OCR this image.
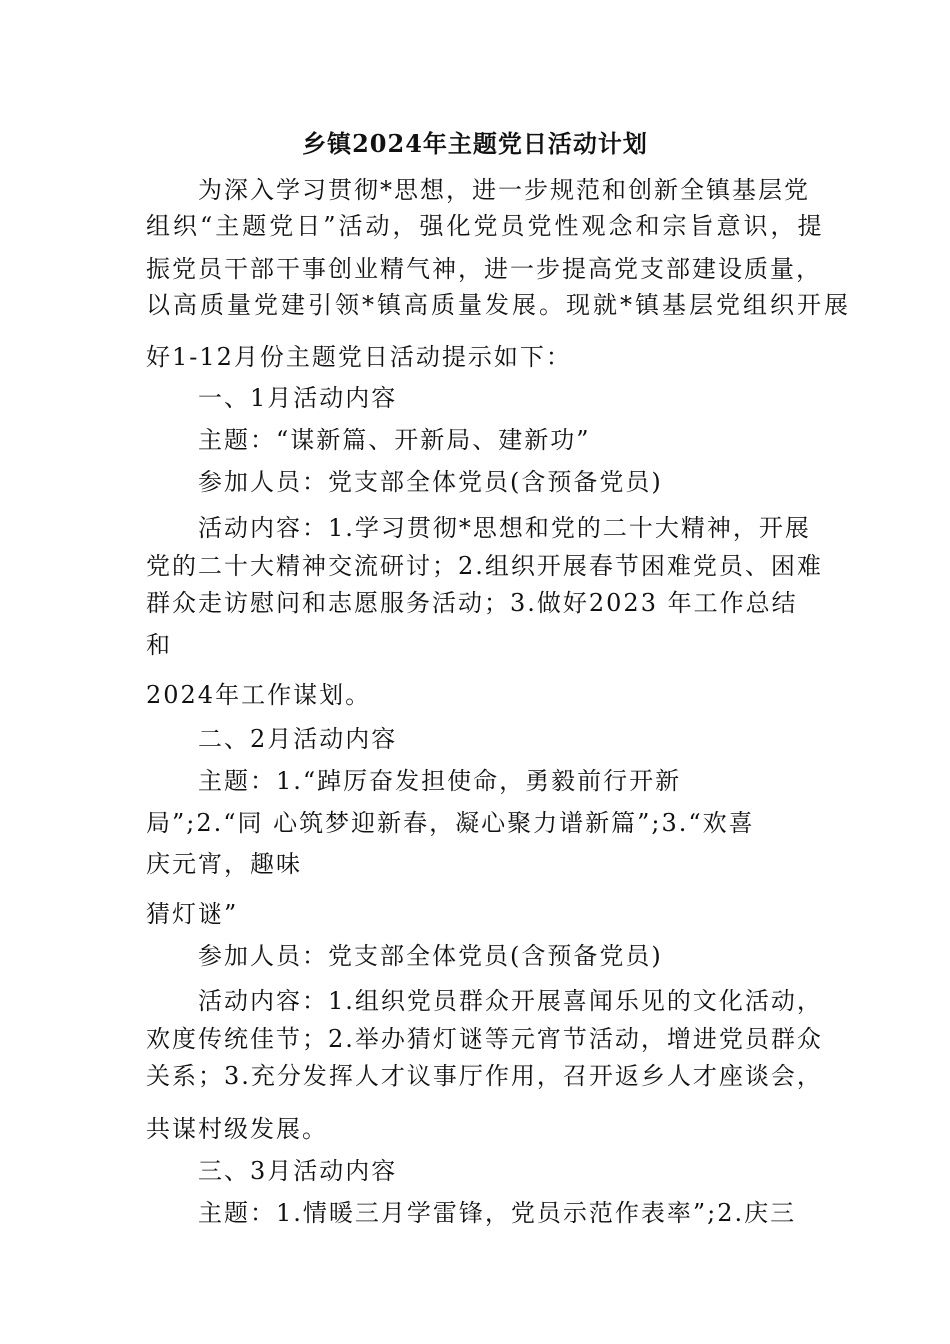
乡镇2024年主题党日活动计划
为深入学习贯彻*思想，进一步规范和创新全镇基层党
组织“主题党日”活动，强化党员党性观念和宗旨意识，提
振党员干部干事创业精气神，进一步提高党支部建设质量，
以高质量党建引领*镇高质量发展。现就*镇基层党组织开展
好1-12月份主题党日活动提示如下：
一、1月活动内容
主题：“谋新篇、开新局、建新功”
参加人员：党支部全体党员(含预备党员)
活动内容：1.学习贯彻*思想和党的二十大精神，开展
党的二十大精神交流研讨；2.组织开展春节困难党员、困难
群众走访慰问和志愿服务活动；3.做好2023 年工作总结
和
2024年工作谋划。
二、2月活动内容
主题：1.“踔厉奋发担使命，勇毅前行开新
局”;2.“同 心筑梦迎新春，凝心聚力谱新篇”;3.“欢喜
庆元宵，趣味
猜灯谜”
参加人员：党支部全体党员(含预备党员)
活动内容：1.组织党员群众开展喜闻乐见的文化活动，
欢度传统佳节；2.举办猜灯谜等元宵节活动，增进党员群众
关系；3.充分发挥人才议事厅作用，召开返乡人才座谈会，
共谋村级发展。
三、3月活动内容
主题：1.情暖三月学雷锋，党员示范作表率”;2.庆三
